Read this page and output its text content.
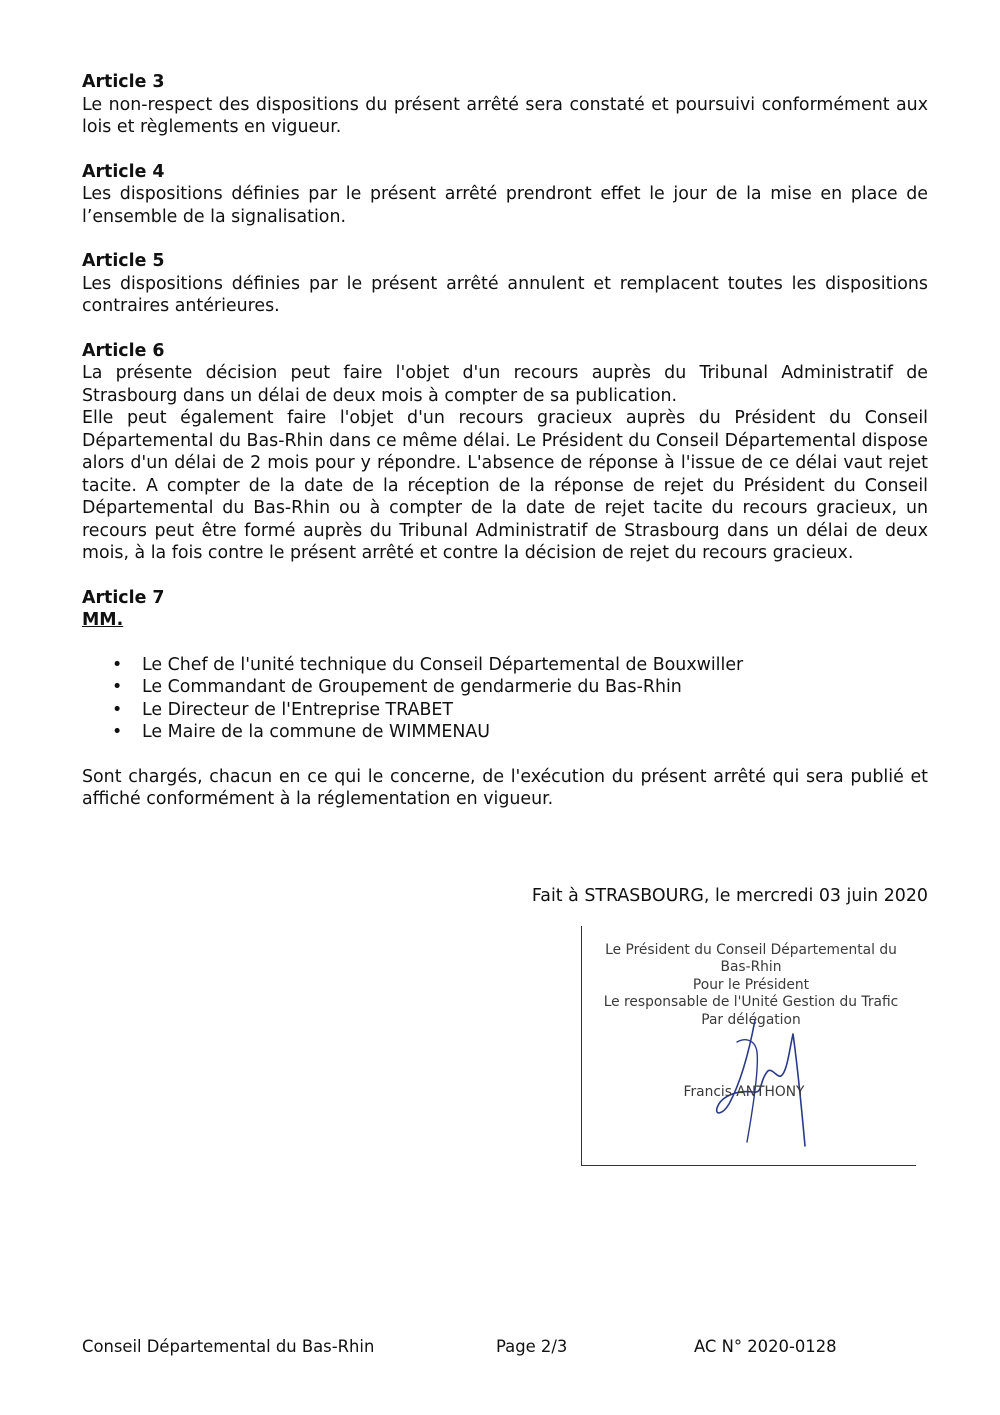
Article 3

Le non-respect des dispositions du présent arrêté sera constaté et poursuivi conformément aux lois et règlements en vigueur.

Article 4

Les dispositions définies par le présent arrêté prendront effet le jour de la mise en place de l’ensemble de la signalisation.

Article 5

Les dispositions définies par le présent arrêté annulent et remplacent toutes les dispositions contraires antérieures.

Article 6

La présente décision peut faire l'objet d'un recours auprès du Tribunal Administratif de Strasbourg dans un délai de deux mois à compter de sa publication.

Elle peut également faire l'objet d'un recours gracieux auprès du Président du Conseil Départemental du Bas-Rhin dans ce même délai. Le Président du Conseil Départemental dispose alors d'un délai de 2 mois pour y répondre. L'absence de réponse à l'issue de ce délai vaut rejet tacite. A compter de la date de la réception de la réponse de rejet du Président du Conseil Départemental du Bas-Rhin ou à compter de la date de rejet tacite du recours gracieux, un recours peut être formé auprès du Tribunal Administratif de Strasbourg dans un délai de deux mois, à la fois contre le présent arrêté et contre la décision de rejet du recours gracieux.

Article 7
MM.
• Le Chef de l'unité technique du Conseil Départemental de Bouxwiller
• Le Commandant de Groupement de gendarmerie du Bas-Rhin
• Le Directeur de l'Entreprise TRABET
• Le Maire de la commune de WIMMENAU

Sont chargés, chacun en ce qui le concerne, de l'exécution du présent arrêté qui sera publié et affiché conformément à la réglementation en vigueur.

Fait à STRASBOURG, le mercredi 03 juin 2020
Le Président du Conseil Départemental du
Bas-Rhin
Pour le Président
Le responsable de l'Unité Gestion du Trafic
Par délégation
Francis ANTHONY
Conseil Départemental du Bas-Rhin	Page 2/3	AC N° 2020-0128
